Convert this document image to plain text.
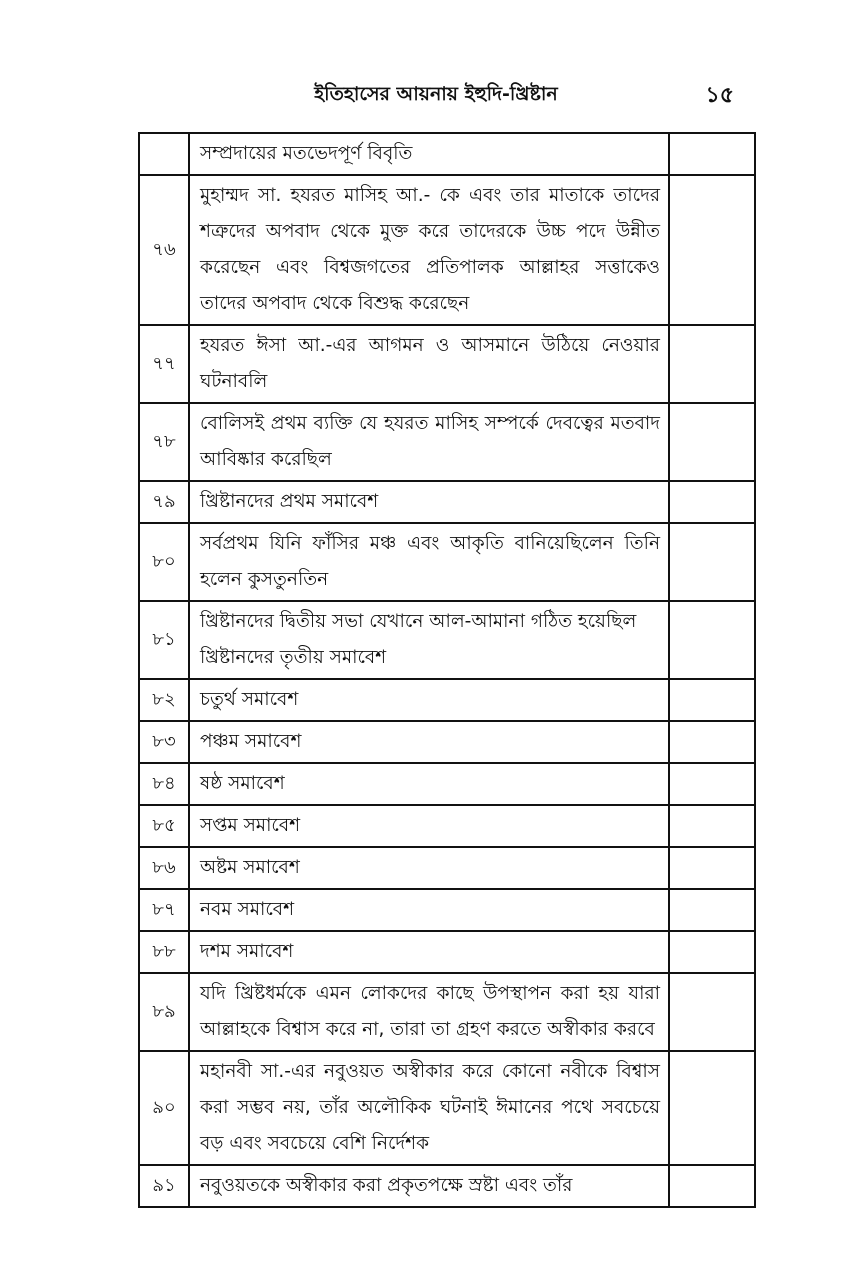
ইতিহাসের আয়নায় ইহুদি-খ্রিষ্টান	১৫

	সম্প্রদায়ের মতভেদপূর্ণ বিবৃতি	

৭৬	মুহাম্মদ সা. হযরত মাসিহ আ.- কে এবং তার মাতাকে তাদের শত্রুদের অপবাদ থেকে মুক্ত করে তাদেরকে উচ্চ পদে উন্নীত করেছেন এবং বিশ্বজগতের প্রতিপালক আল্লাহর সত্তাকেও তাদের অপবাদ থেকে বিশুদ্ধ করেছেন	

৭৭	হযরত ঈসা আ.-এর আগমন ও আসমানে উঠিয়ে নেওয়ার ঘটনাবলি	

৭৮	বোলিসই প্রথম ব্যক্তি যে হযরত মাসিহ সম্পর্কে দেবত্বের মতবাদ আবিষ্কার করেছিল	

৭৯	খ্রিষ্টানদের প্রথম সমাবেশ	

৮০	সর্বপ্রথম যিনি ফাঁসির মঞ্চ এবং আকৃতি বানিয়েছিলেন তিনি হলেন কুসতুনতিন	

৮১	খ্রিষ্টানদের দ্বিতীয় সভা যেখানে আল-আমানা গঠিত হয়েছিল
খ্রিষ্টানদের তৃতীয় সমাবেশ	

৮২	চতুর্থ সমাবেশ	

৮৩	পঞ্চম সমাবেশ	

৮৪	ষষ্ঠ সমাবেশ	

৮৫	সপ্তম সমাবেশ	

৮৬	অষ্টম সমাবেশ	

৮৭	নবম সমাবেশ	

৮৮	দশম সমাবেশ	

৮৯	যদি খ্রিষ্টধর্মকে এমন লোকদের কাছে উপস্থাপন করা হয় যারা আল্লাহকে বিশ্বাস করে না, তারা তা গ্রহণ করতে অস্বীকার করবে	

৯০	মহানবী সা.-এর নবুওয়ত অস্বীকার করে কোনো নবীকে বিশ্বাস করা সম্ভব নয়, তাঁর অলৌকিক ঘটনাই ঈমানের পথে সবচেয়ে বড় এবং সবচেয়ে বেশি নির্দেশক	

৯১	নবুওয়তকে অস্বীকার করা প্রকৃতপক্ষে স্রষ্টা এবং তাঁর	
